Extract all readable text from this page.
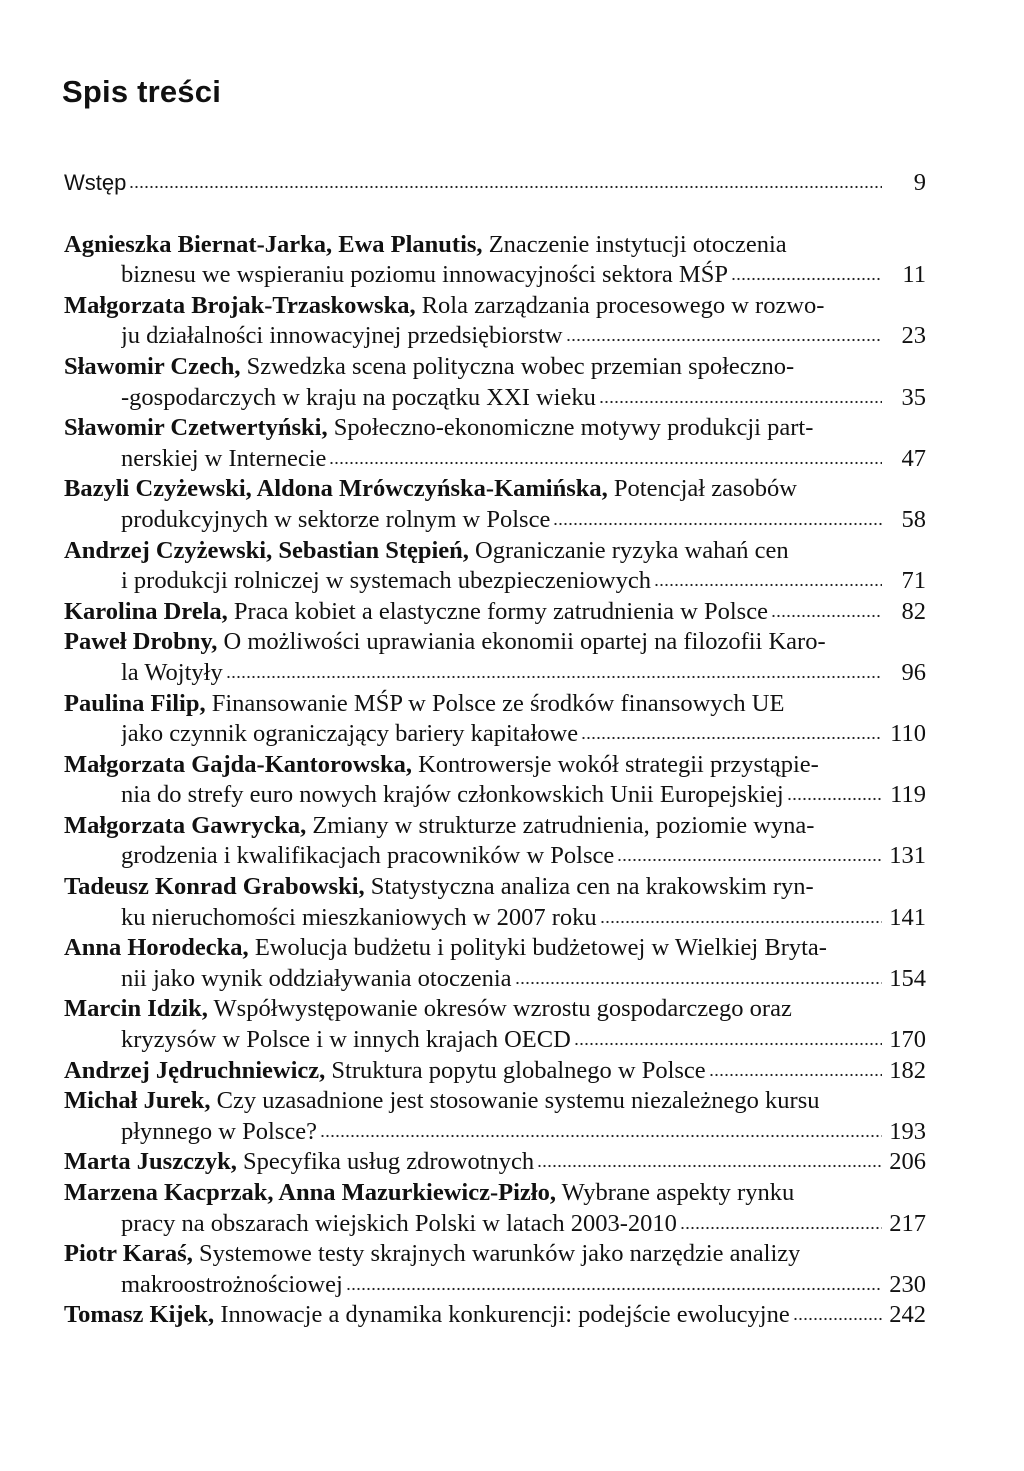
Spis treści
Wstęp	9
Agnieszka Biernat-Jarka, Ewa Planutis, Znaczenie instytucji otoczenia
biznesu we wspieraniu poziomu innowacyjności sektora MŚP	11
Małgorzata Brojak-Trzaskowska, Rola zarządzania procesowego w rozwo-
ju działalności innowacyjnej przedsiębiorstw	23
Sławomir Czech, Szwedzka scena polityczna wobec przemian społeczno-
-gospodarczych w kraju na początku XXI wieku	35
Sławomir Czetwertyński, Społeczno-ekonomiczne motywy produkcji part-
nerskiej w Internecie	47
Bazyli Czyżewski, Aldona Mrówczyńska-Kamińska, Potencjał zasobów
produkcyjnych w sektorze rolnym w Polsce	58
Andrzej Czyżewski, Sebastian Stępień, Ograniczanie ryzyka wahań cen
i produkcji rolniczej w systemach ubezpieczeniowych	71
Karolina Drela, Praca kobiet a elastyczne formy zatrudnienia w Polsce	82
Paweł Drobny, O możliwości uprawiania ekonomii opartej na filozofii Karo-
la Wojtyły	96
Paulina Filip, Finansowanie MŚP w Polsce ze środków finansowych UE
jako czynnik ograniczający bariery kapitałowe	110
Małgorzata Gajda-Kantorowska, Kontrowersje wokół strategii przystąpie-
nia do strefy euro nowych krajów członkowskich Unii Europejskiej	119
Małgorzata Gawrycka, Zmiany w strukturze zatrudnienia, poziomie wyna-
grodzenia i kwalifikacjach pracowników w Polsce	131
Tadeusz Konrad Grabowski, Statystyczna analiza cen na krakowskim ryn-
ku nieruchomości mieszkaniowych w 2007 roku	141
Anna Horodecka, Ewolucja budżetu i polityki budżetowej w Wielkiej Bryta-
nii jako wynik oddziaływania otoczenia	154
Marcin Idzik, Współwystępowanie okresów wzrostu gospodarczego oraz
kryzysów w Polsce i w innych krajach OECD	170
Andrzej Jędruchniewicz, Struktura popytu globalnego w Polsce	182
Michał Jurek, Czy uzasadnione jest stosowanie systemu niezależnego kursu
płynnego w Polsce?	193
Marta Juszczyk, Specyfika usług zdrowotnych	206
Marzena Kacprzak, Anna Mazurkiewicz-Pizło, Wybrane aspekty rynku
pracy na obszarach wiejskich Polski w latach 2003-2010	217
Piotr Karaś, Systemowe testy skrajnych warunków jako narzędzie analizy
makroostrożnościowej	230
Tomasz Kijek, Innowacje a dynamika konkurencji: podejście ewolucyjne	242
